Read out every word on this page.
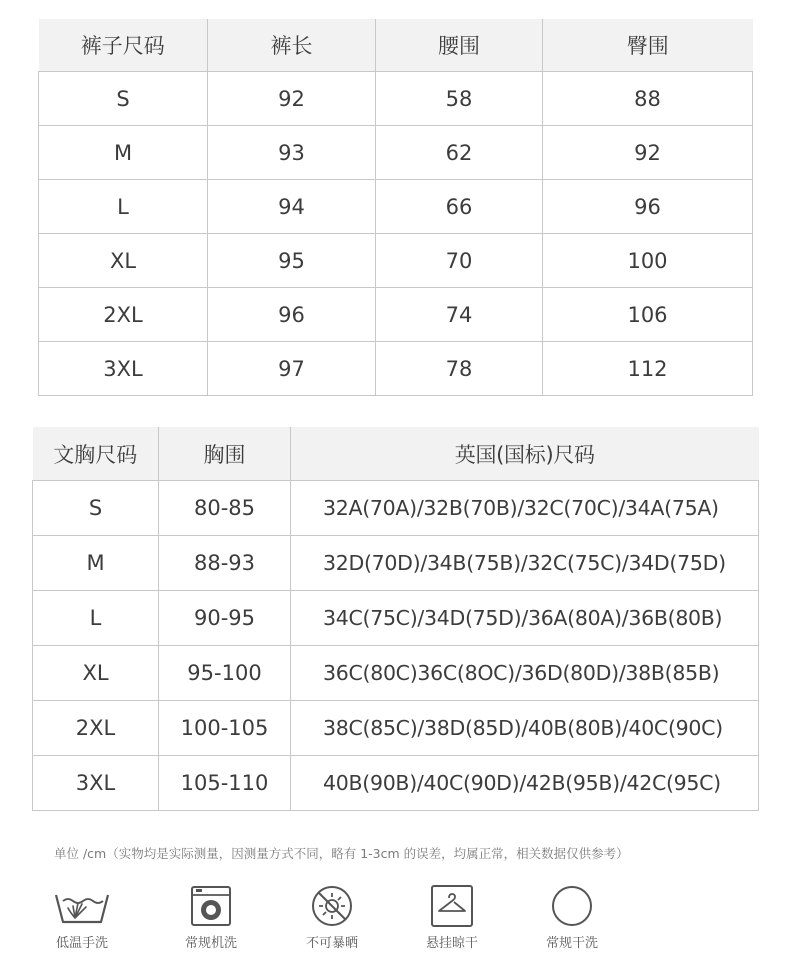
裤子尺码	裤长	腰围	臀围
S	92	58	88
M	93	62	92
L	94	66	96
XL	95	70	100
2XL	96	74	106
3XL	97	78	112
文胸尺码	胸围	英国(国标)尺码
S	80-85	32A(70A)/32B(70B)/32C(70C)/34A(75A)
M	88-93	32D(70D)/34B(75B)/32C(75C)/34D(75D)
L	90-95	34C(75C)/34D(75D)/36A(80A)/36B(80B)
XL	95-100	36C(80C)36C(8OC)/36D(80D)/38B(85B)
2XL	100-105	38C(85C)/38D(85D)/40B(80B)/40C(90C)
3XL	105-110	40B(90B)/40C(90D)/42B(95B)/42C(95C)
单位 /cm（实物均是实际测量，因测量方式不同，略有 1-3cm 的误差，均属正常，相关数据仅供参考）
低温手洗	常规机洗	不可暴晒	悬挂晾干	常规干洗
